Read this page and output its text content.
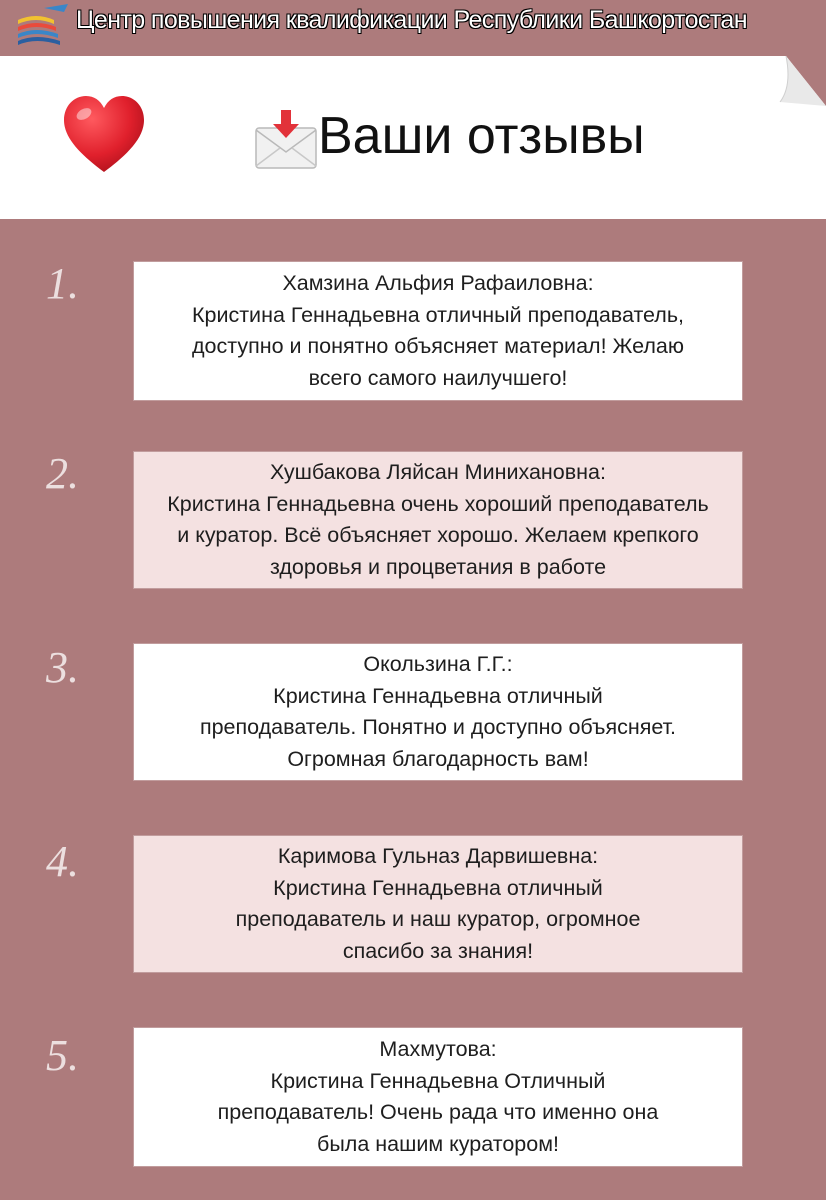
Центр повышения квалификации Республики Башкортостан
Ваши отзывы
1.	Хамзина Альфия Рафаиловна:
Кристина Геннадьевна отличный преподаватель,
доступно и понятно объясняет материал! Желаю
всего самого наилучшего!
2.	Хушбакова Ляйсан Миниханoвна:
Кристина Геннадьевна очень хороший преподаватель
и куратор. Всё объясняет хорошо. Желаем крепкого
здоровья и процветания в работе
3.	Окользина Г.Г.:
Кристина Геннадьевна отличный
преподаватель. Понятно и доступно объясняет.
Огромная благодарность вам!
4.	Каримова Гульназ Дарвишевна:
Кристина Геннадьевна отличный
преподаватель и наш куратор, огромное
спасибо за знания!
5.	Махмутова:
Кристина Геннадьевна Отличный
преподаватель! Очень рада что именно она
была нашим куратором!
